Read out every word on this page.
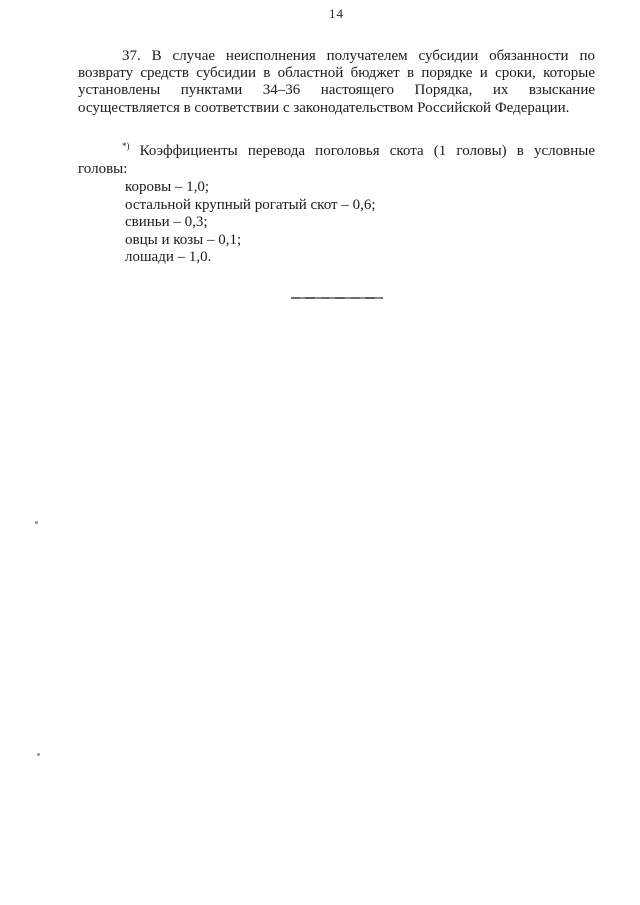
14
37. В случае неисполнения получателем субсидии обязанности по
возврату средств субсидии в областной бюджет в порядке и сроки, которые
установлены пунктами 34–36 настоящего Порядка, их взыскание
осуществляется в соответствии с законодательством Российской Федерации.
*) Коэффициенты перевода поголовья скота (1 головы) в условные
головы:
коровы – 1,0;
остальной крупный рогатый скот – 0,6;
свиньи – 0,3;
овцы и козы – 0,1;
лошади – 1,0.
